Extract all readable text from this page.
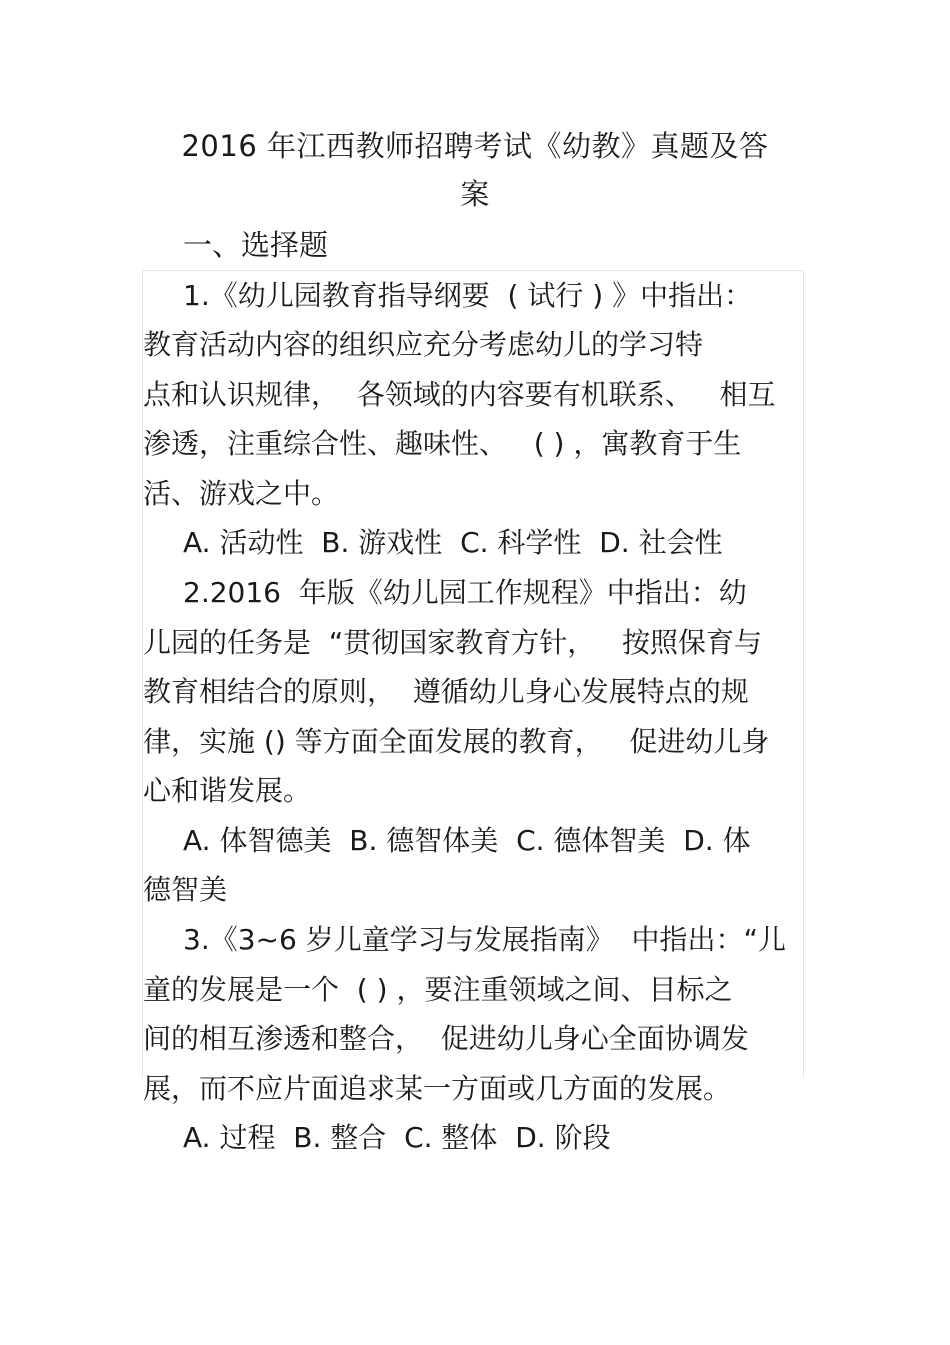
2016 年江西教师招聘考试《幼教》真题及答
案
一、选择题
1.《幼儿园教育指导纲要  ( 试行 ) 》中指出：
教育活动内容的组织应充分考虑幼儿的学习特
点和认识规律，  各领域的内容要有机联系、   相互
渗透，注重综合性、趣味性、   ( ) ，寓教育于生
活、游戏之中。
A. 活动性  B. 游戏性  C. 科学性  D. 社会性
2.2016  年版《幼儿园工作规程》中指出：幼
儿园的任务是  “贯彻国家教育方针，   按照保育与
教育相结合的原则，  遵循幼儿身心发展特点的规
律，实施 () 等方面全面发展的教育，   促进幼儿身
心和谐发展。
A. 体智德美  B. 德智体美  C. 德体智美  D. 体
德智美
3.《3~6 岁儿童学习与发展指南》  中指出：“儿
童的发展是一个  ( ) ，要注重领域之间、目标之
间的相互渗透和整合，  促进幼儿身心全面协调发
展，而不应片面追求某一方面或几方面的发展。
A. 过程  B. 整合  C. 整体  D. 阶段
